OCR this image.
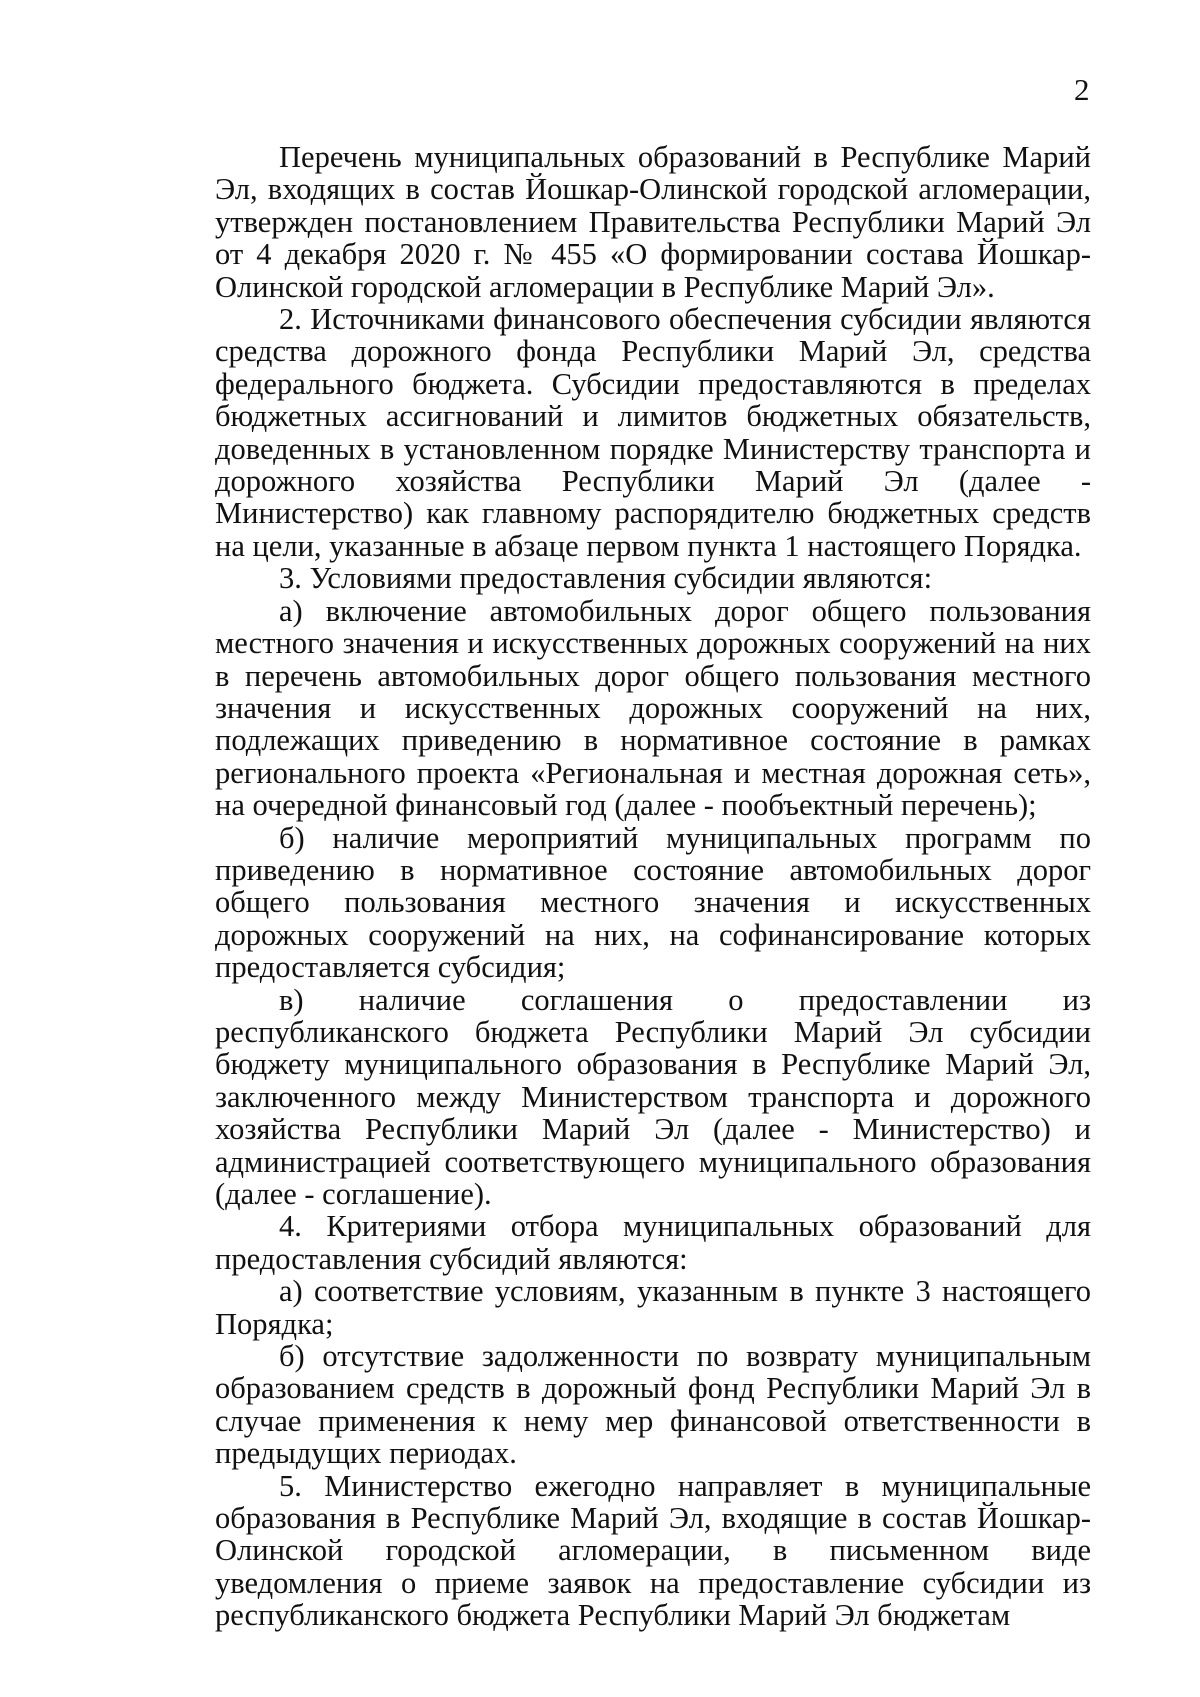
2

Перечень муниципальных образований в Республике Марий Эл, входящих в состав Йошкар-Олинской городской агломерации, утвержден постановлением Правительства Республики Марий Эл от 4 декабря 2020 г. № 455 «О формировании состава Йошкар-Олинской городской агломерации в Республике Марий Эл».

2. Источниками финансового обеспечения субсидии являются средства дорожного фонда Республики Марий Эл, средства федерального бюджета. Субсидии предоставляются в пределах бюджетных ассигнований и лимитов бюджетных обязательств, доведенных в установленном порядке Министерству транспорта и дорожного хозяйства Республики Марий Эл (далее - Министерство) как главному распорядителю бюджетных средств на цели, указанные в абзаце первом пункта 1 настоящего Порядка.

3. Условиями предоставления субсидии являются:

а) включение автомобильных дорог общего пользования местного значения и искусственных дорожных сооружений на них в перечень автомобильных дорог общего пользования местного значения и искусственных дорожных сооружений на них, подлежащих приведению в нормативное состояние в рамках регионального проекта «Региональная и местная дорожная сеть», на очередной финансовый год (далее - пообъектный перечень);

б) наличие мероприятий муниципальных программ по приведению в нормативное состояние автомобильных дорог общего пользования местного значения и искусственных дорожных сооружений на них, на софинансирование которых предоставляется субсидия;

в) наличие соглашения о предоставлении из республиканского бюджета Республики Марий Эл субсидии бюджету муниципального образования в Республике Марий Эл, заключенного между Министерством транспорта и дорожного хозяйства Республики Марий Эл (далее - Министерство) и администрацией соответствующего муниципального образования (далее - соглашение).

4. Критериями отбора муниципальных образований для предоставления субсидий являются:

а) соответствие условиям, указанным в пункте 3 настоящего Порядка;

б) отсутствие задолженности по возврату муниципальным образованием средств в дорожный фонд Республики Марий Эл в случае применения к нему мер финансовой ответственности в предыдущих периодах.

5. Министерство ежегодно направляет в муниципальные образования в Республике Марий Эл, входящие в состав Йошкар-Олинской городской агломерации, в письменном виде уведомления о приеме заявок на предоставление субсидии из республиканского бюджета Республики Марий Эл бюджетам
